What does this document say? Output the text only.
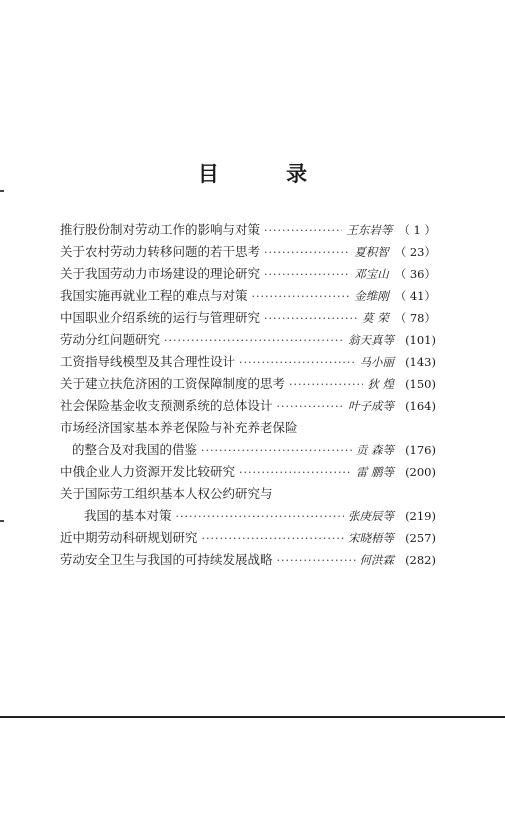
目 录
推行股份制对劳动工作的影响与对策 ·····	王东岩等 （ 1 ）
关于农村劳动力转移问题的若干思考 ·····	夏积智 （ 23）
关于我国劳动力市场建设的理论研究 ·····	邓宝山 （ 36）
我国实施再就业工程的难点与对策 ·····	金维刚 （ 41）
中国职业介绍系统的运行与管理研究 ·····	莫 荣 （ 78）
劳动分红问题研究 ·····	翁天真等 (101)
工资指导线模型及其合理性设计 ·····	马小丽 (143)
关于建立扶危济困的工资保障制度的思考 ·····	狄 煌 (150)
社会保险基金收支预测系统的总体设计 ·····	叶子成等 (164)
市场经济国家基本养老保险与补充养老保险
的整合及对我国的借鉴 ·····	贡 森等 (176)
中俄企业人力资源开发比较研究 ·····	雷 鹏等 (200)
关于国际劳工组织基本人权公约研究与
我国的基本对策 ·····	张庚辰等 (219)
近中期劳动科研规划研究 ·····	宋晓梧等 (257)
劳动安全卫生与我国的可持续发展战略 ·····	何洪霖 (282)
